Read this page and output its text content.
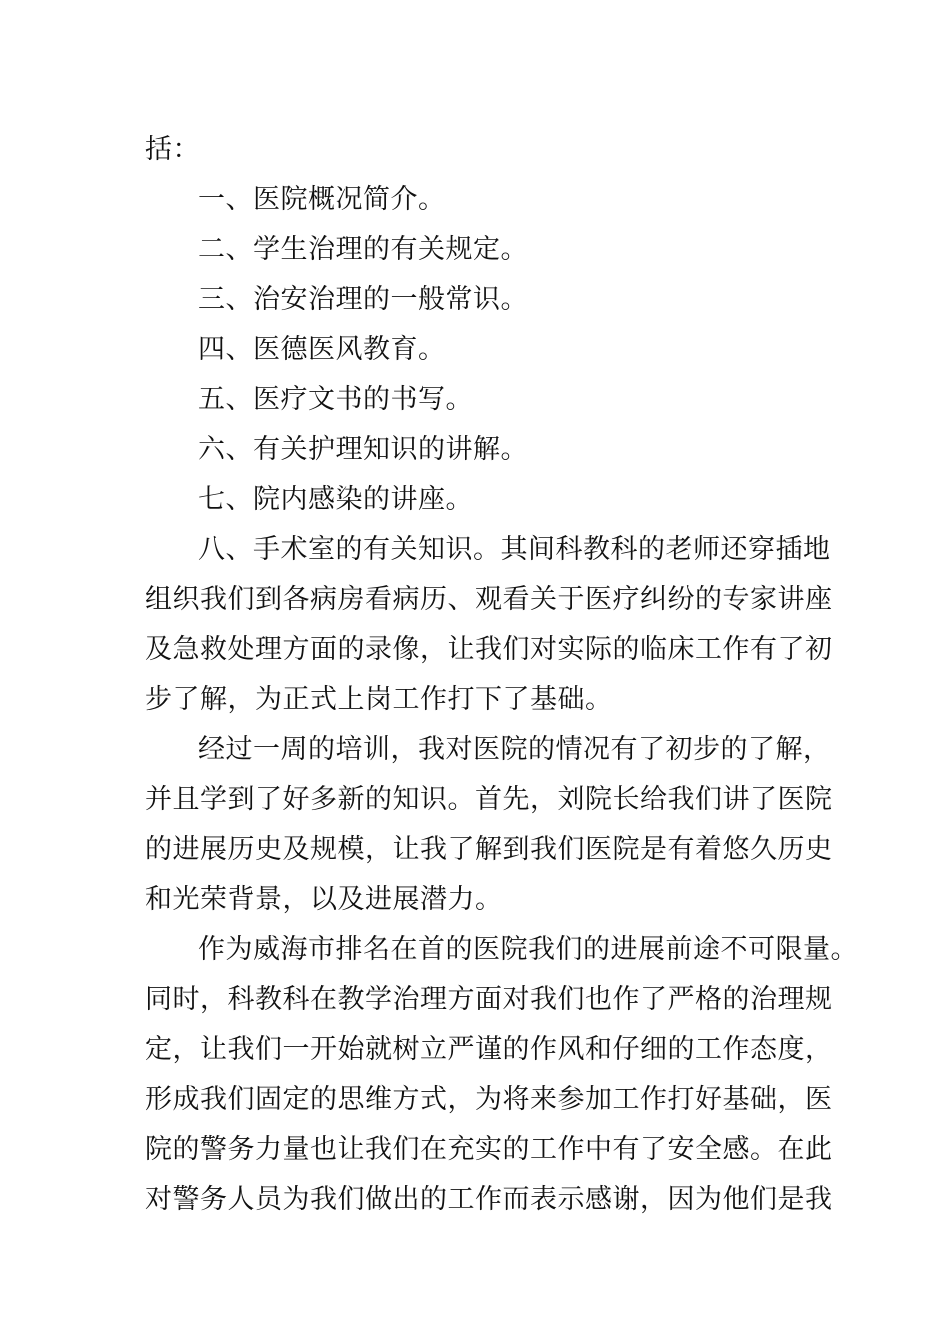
括：
一、医院概况简介。
二、学生治理的有关规定。
三、治安治理的一般常识。
四、医德医风教育。
五、医疗文书的书写。
六、有关护理知识的讲解。
七、院内感染的讲座。
八、手术室的有关知识。其间科教科的老师还穿插地
组织我们到各病房看病历、观看关于医疗纠纷的专家讲座
及急救处理方面的录像，让我们对实际的临床工作有了初
步了解，为正式上岗工作打下了基础。
经过一周的培训，我对医院的情况有了初步的了解，
并且学到了好多新的知识。首先，刘院长给我们讲了医院
的进展历史及规模，让我了解到我们医院是有着悠久历史
和光荣背景，以及进展潜力。
作为威海市排名在首的医院我们的进展前途不可限量。
同时，科教科在教学治理方面对我们也作了严格的治理规
定，让我们一开始就树立严谨的作风和仔细的工作态度，
形成我们固定的思维方式，为将来参加工作打好基础，医
院的警务力量也让我们在充实的工作中有了安全感。在此
对警务人员为我们做出的工作而表示感谢，因为他们是我
